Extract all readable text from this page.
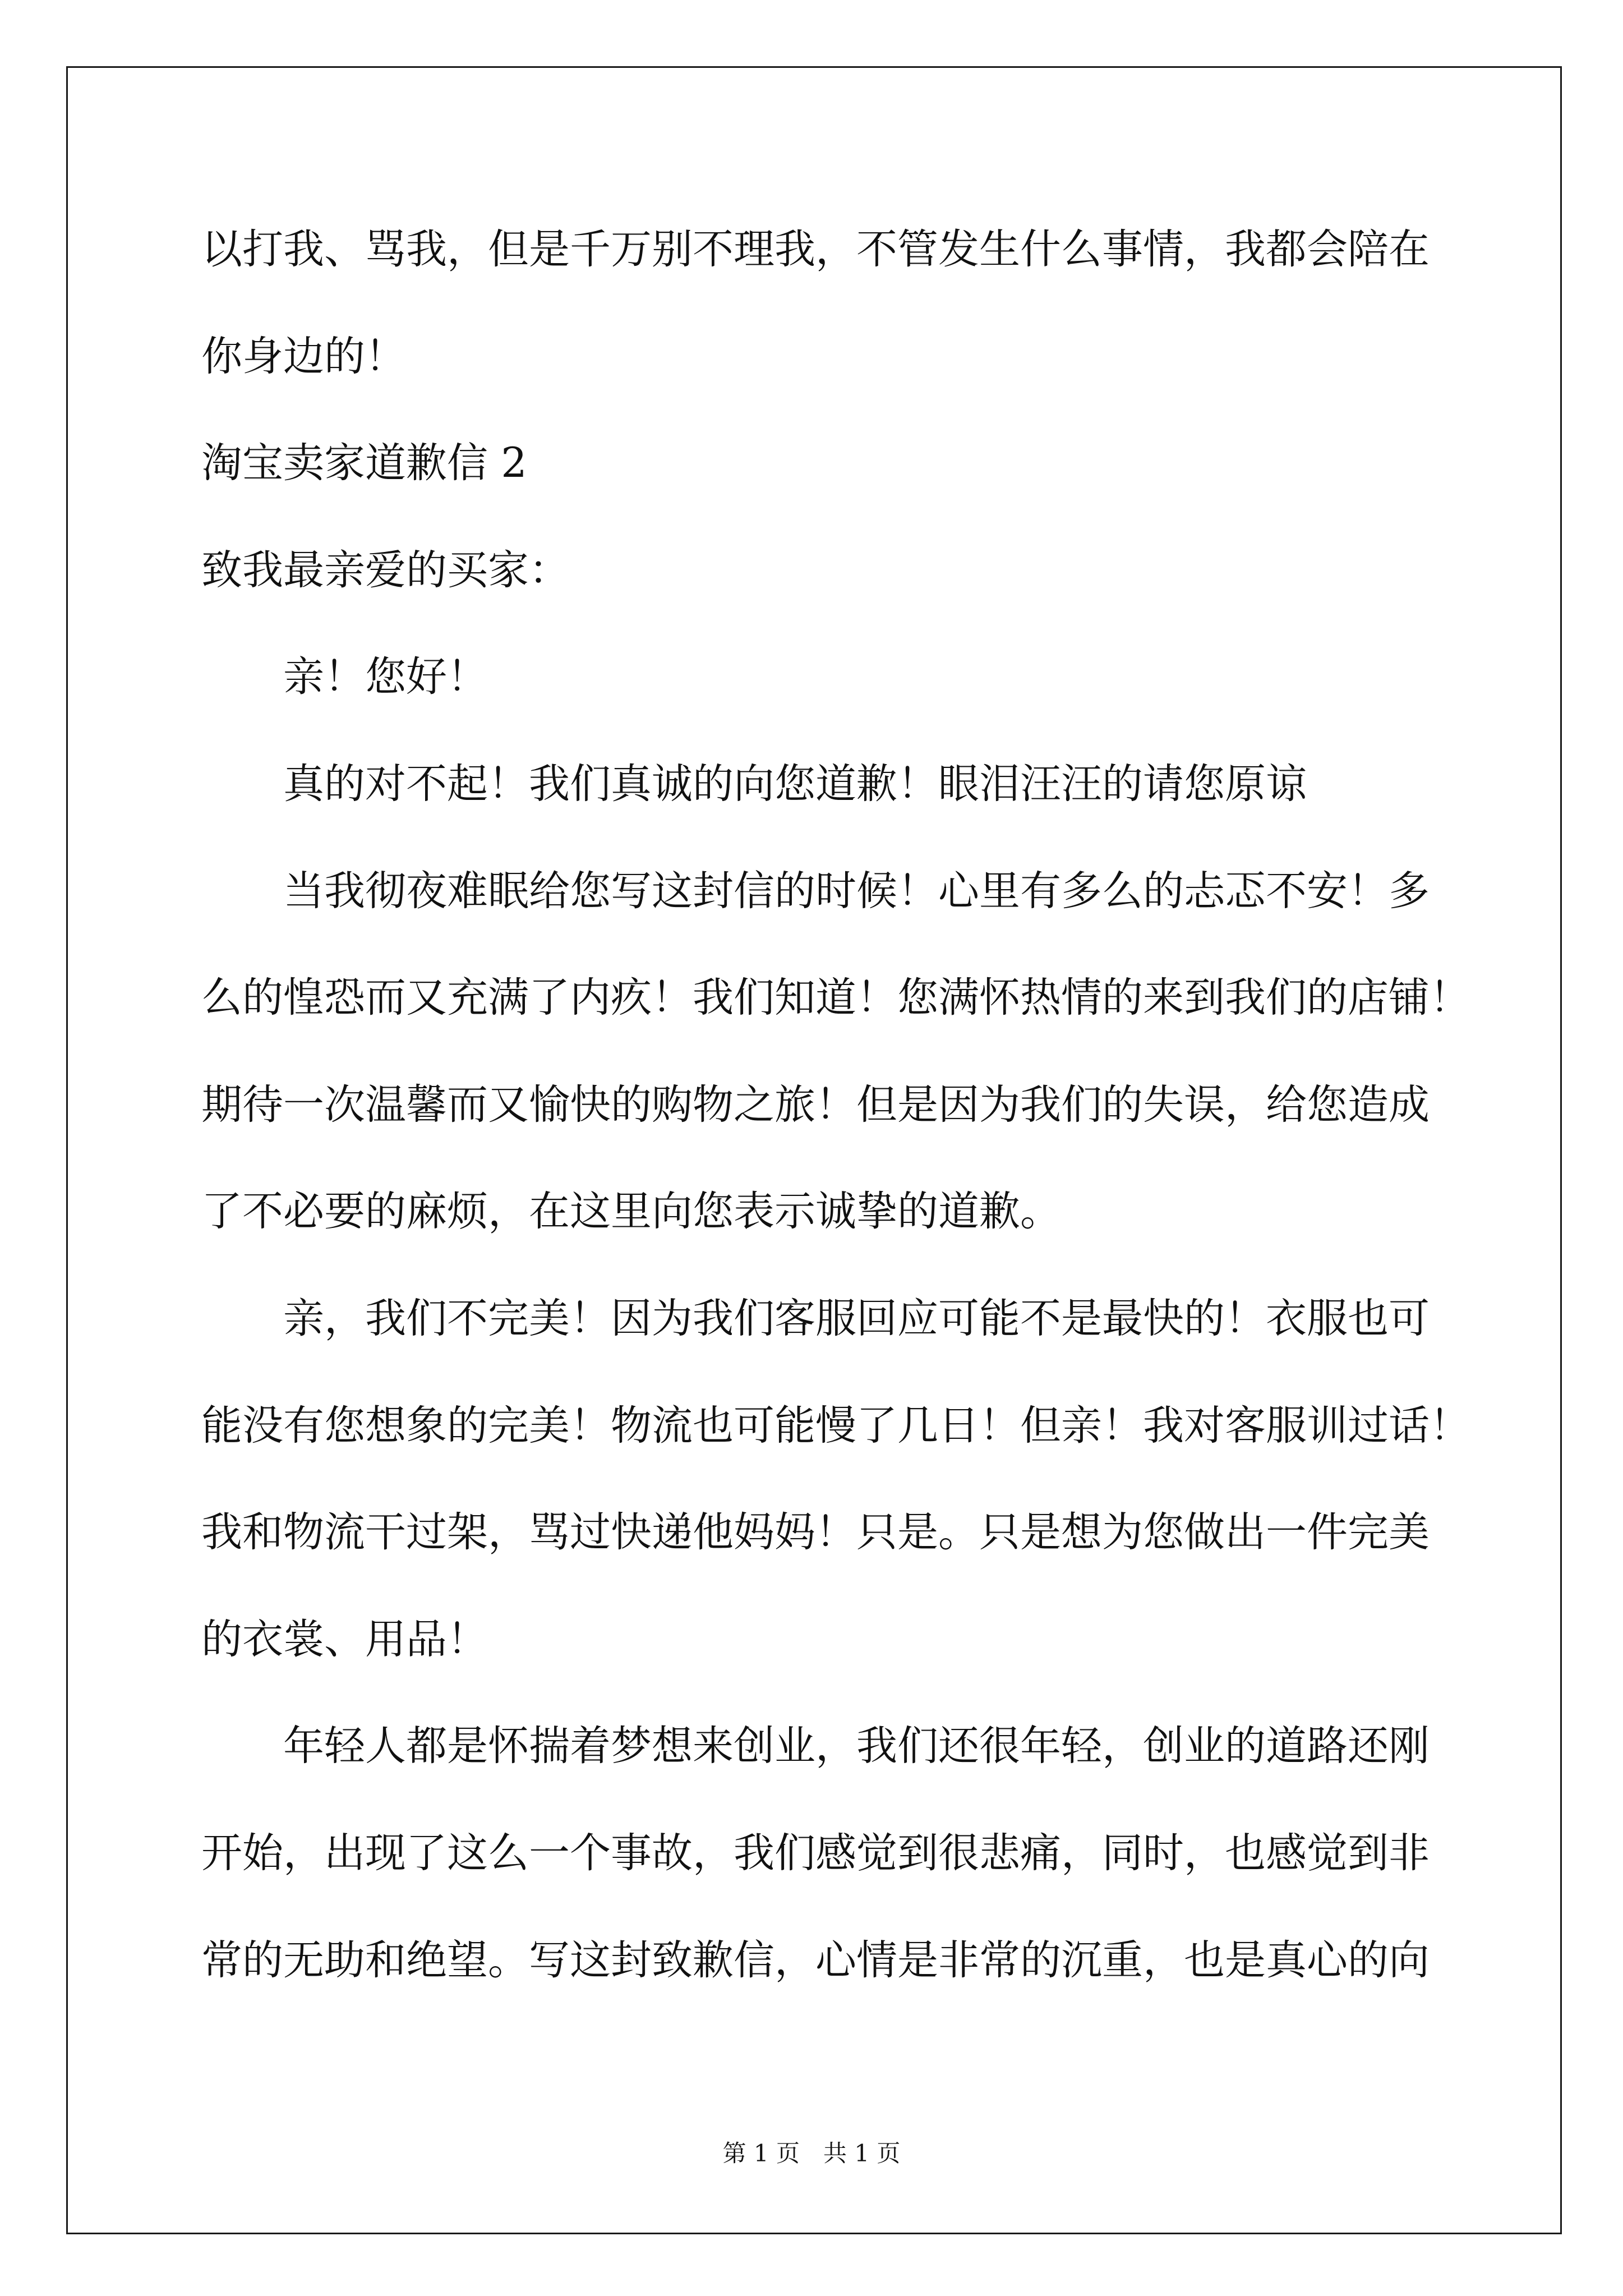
以打我、骂我，但是千万别不理我，不管发生什么事情，我都会陪在
你身边的！
淘宝卖家道歉信 2
致我最亲爱的买家：
亲！您好！
真的对不起！我们真诚的向您道歉！眼泪汪汪的请您原谅
当我彻夜难眠给您写这封信的时候！心里有多么的忐忑不安！多
么的惶恐而又充满了内疚！我们知道！您满怀热情的来到我们的店铺！
期待一次温馨而又愉快的购物之旅！但是因为我们的失误，给您造成
了不必要的麻烦，在这里向您表示诚挚的道歉。
亲，我们不完美！因为我们客服回应可能不是最快的！衣服也可
能没有您想象的完美！物流也可能慢了几日！但亲！我对客服训过话！
我和物流干过架，骂过快递他妈妈！只是。只是想为您做出一件完美
的衣裳、用品！
年轻人都是怀揣着梦想来创业，我们还很年轻，创业的道路还刚
开始，出现了这么一个事故，我们感觉到很悲痛，同时，也感觉到非
常的无助和绝望。写这封致歉信，心情是非常的沉重，也是真心的向
第 1 页　共 1 页
